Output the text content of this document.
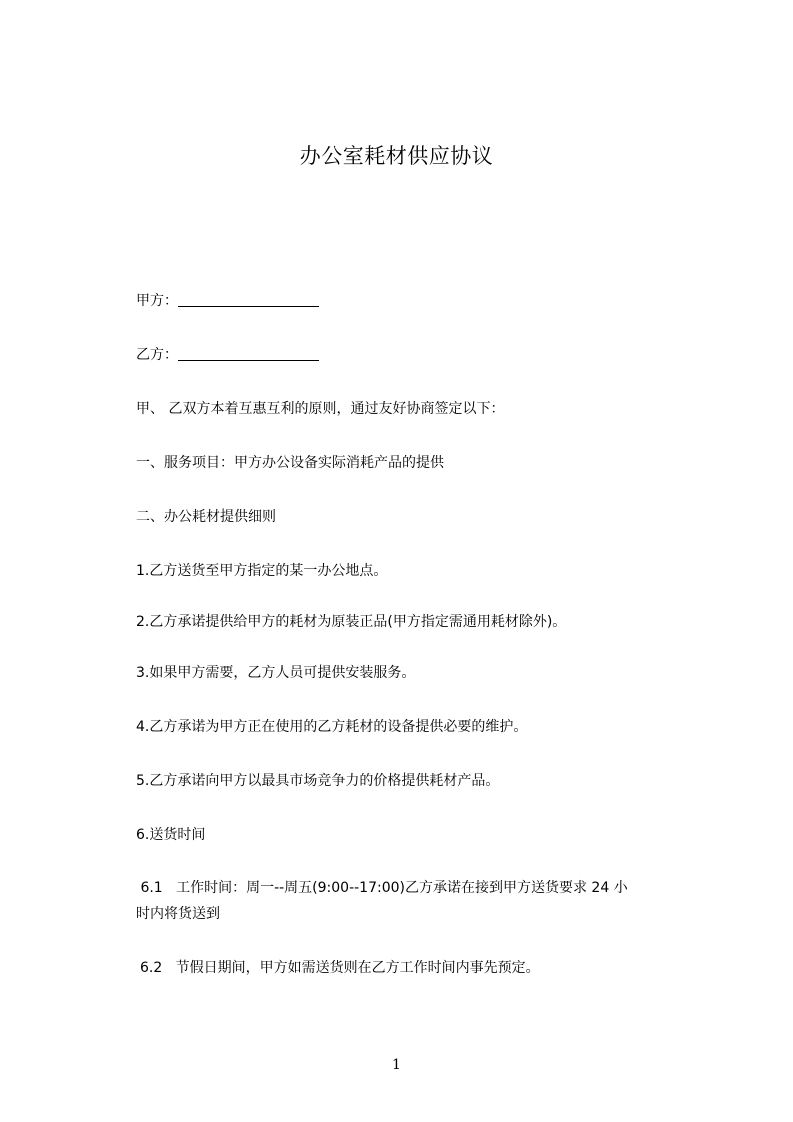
办公室耗材供应协议
甲方：
乙方：
甲、 乙双方本着互惠互利的原则，通过友好协商签定以下：
一、服务项目：甲方办公设备实际消耗产品的提供
二、办公耗材提供细则
1.乙方送货至甲方指定的某一办公地点。
2.乙方承诺提供给甲方的耗材为原装正品(甲方指定需通用耗材除外)。
3.如果甲方需要，乙方人员可提供安装服务。
4.乙方承诺为甲方正在使用的乙方耗材的设备提供必要的维护。
5.乙方承诺向甲方以最具市场竞争力的价格提供耗材产品。
6.送货时间
6.1   工作时间：周一--周五(9:00--17:00)乙方承诺在接到甲方送货要求 24 小
时内将货送到
6.2   节假日期间，甲方如需送货则在乙方工作时间内事先预定。
1
